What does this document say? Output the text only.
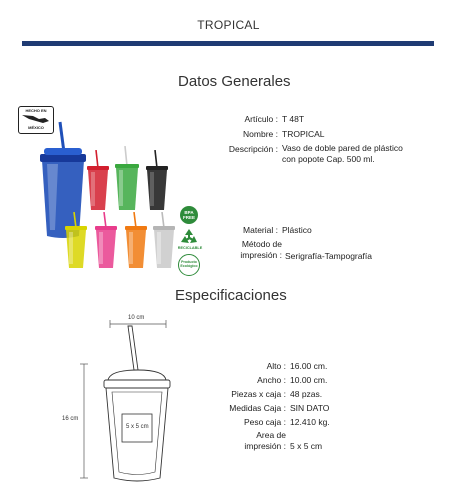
TROPICAL
Datos Generales
HECHO EN
MÉXICO
BPA
FREE
RECICLABLE
Producto
Ecológico
Artículo : T 48T
Nombre : TROPICAL
Descripción : Vaso de doble pared de plástico
con popote Cap. 500 ml.
Material : Plástico
Método de
impresión : Serigrafía-Tampografía
Especificaciones
10 cm
16 cm
5 x 5 cm
Alto : 16.00 cm.
Ancho : 10.00 cm.
Piezas x caja : 48 pzas.
Medidas Caja : SIN DATO
Peso caja : 12.410 kg.
Area de
impresión : 5 x 5 cm
